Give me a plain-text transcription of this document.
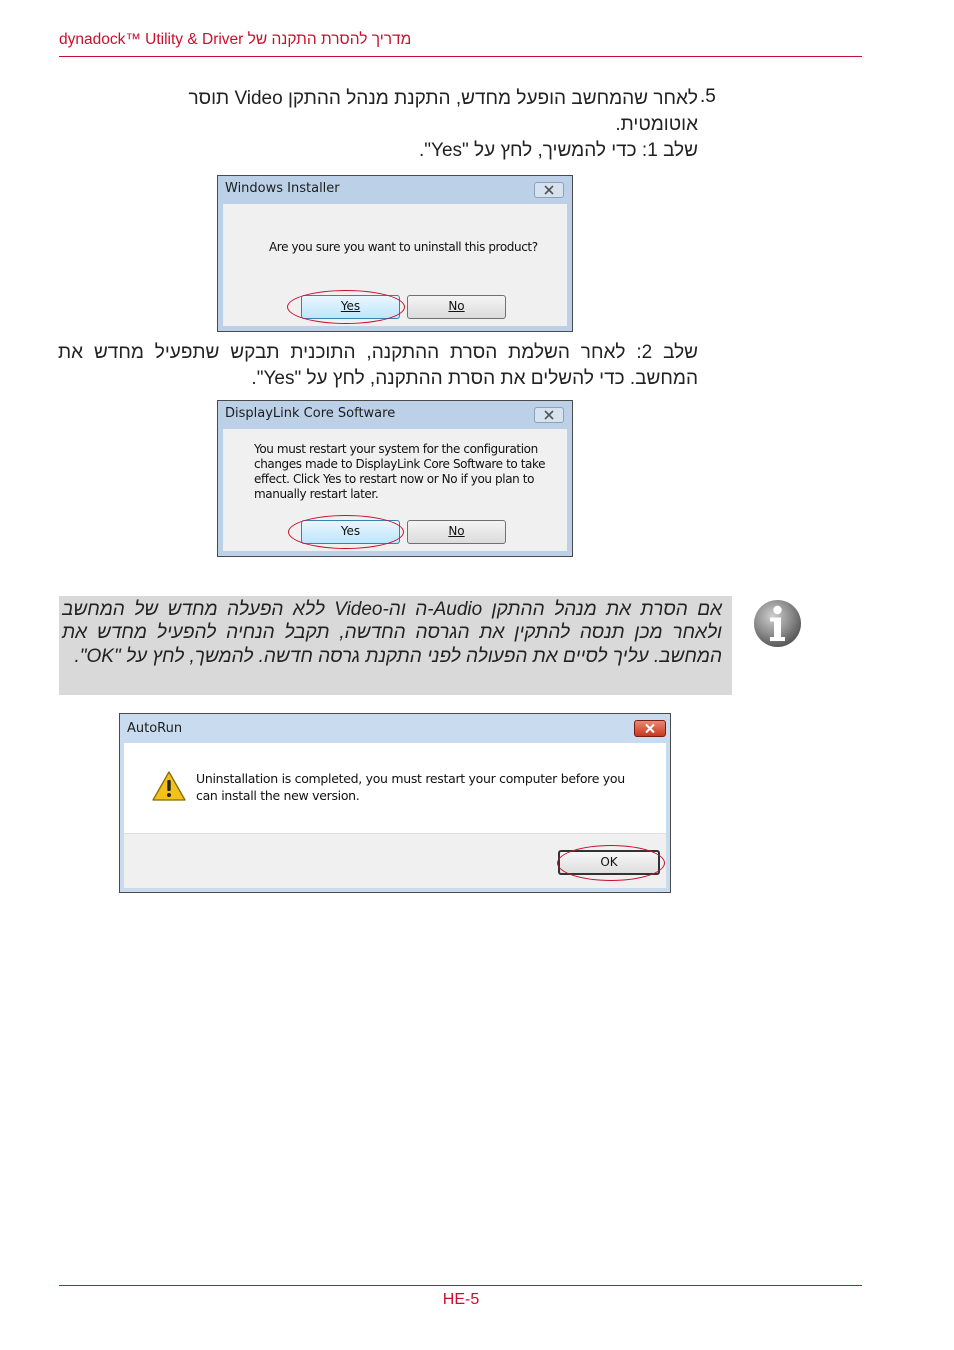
dynadock™ Utility & Driver מדריך להסרת התקנה של
.5
לאחר שהמחשב הופעל מחדש, התקנת מנהל ההתקן Video תוסר
אוטומטית.
שלב 1: כדי להמשיך, לחץ על "Yes".
Windows Installer
Are you sure you want to uninstall this product?
Yes	No
שלב 2: לאחר השלמת הסרת ההתקנה, התוכנית תבקש שתפעיל מחדש את
המחשב. כדי להשלים את הסרת ההתקנה, לחץ על "Yes".
DisplayLink Core Software
You must restart your system for the configuration
changes made to DisplayLink Core Software to take
effect. Click Yes to restart now or No if you plan to
manually restart later.
Yes	No
אם הסרת את מנהל ההתקן Audio-ה וה-Video ללא הפעלה מחדש של המחשב ולאחר מכן תנסה להתקין את הגרסה החדשה, תקבל הנחיה להפעיל מחדש את המחשב. עליך לסיים את הפעולה לפני התקנת גרסה חדשה. להמשך, לחץ על "OK".
AutoRun
Uninstallation is completed, you must restart your computer before you
can install the new version.
OK
HE-5
